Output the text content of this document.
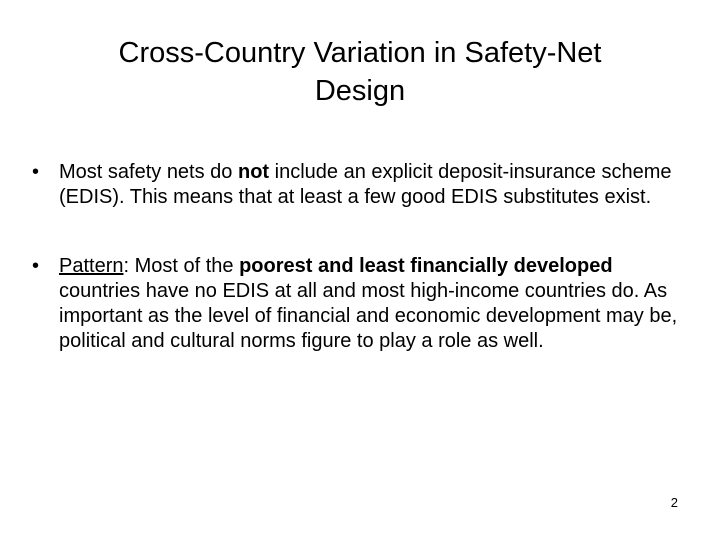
Cross-Country Variation in Safety-Net
Design
• Most safety nets do not include an explicit deposit-insurance scheme (EDIS). This means that at least a few good EDIS substitutes exist.
• Pattern: Most of the poorest and least financially developed countries have no EDIS at all and most high-income countries do. As important as the level of financial and economic development may be, political and cultural norms figure to play a role as well.
2
